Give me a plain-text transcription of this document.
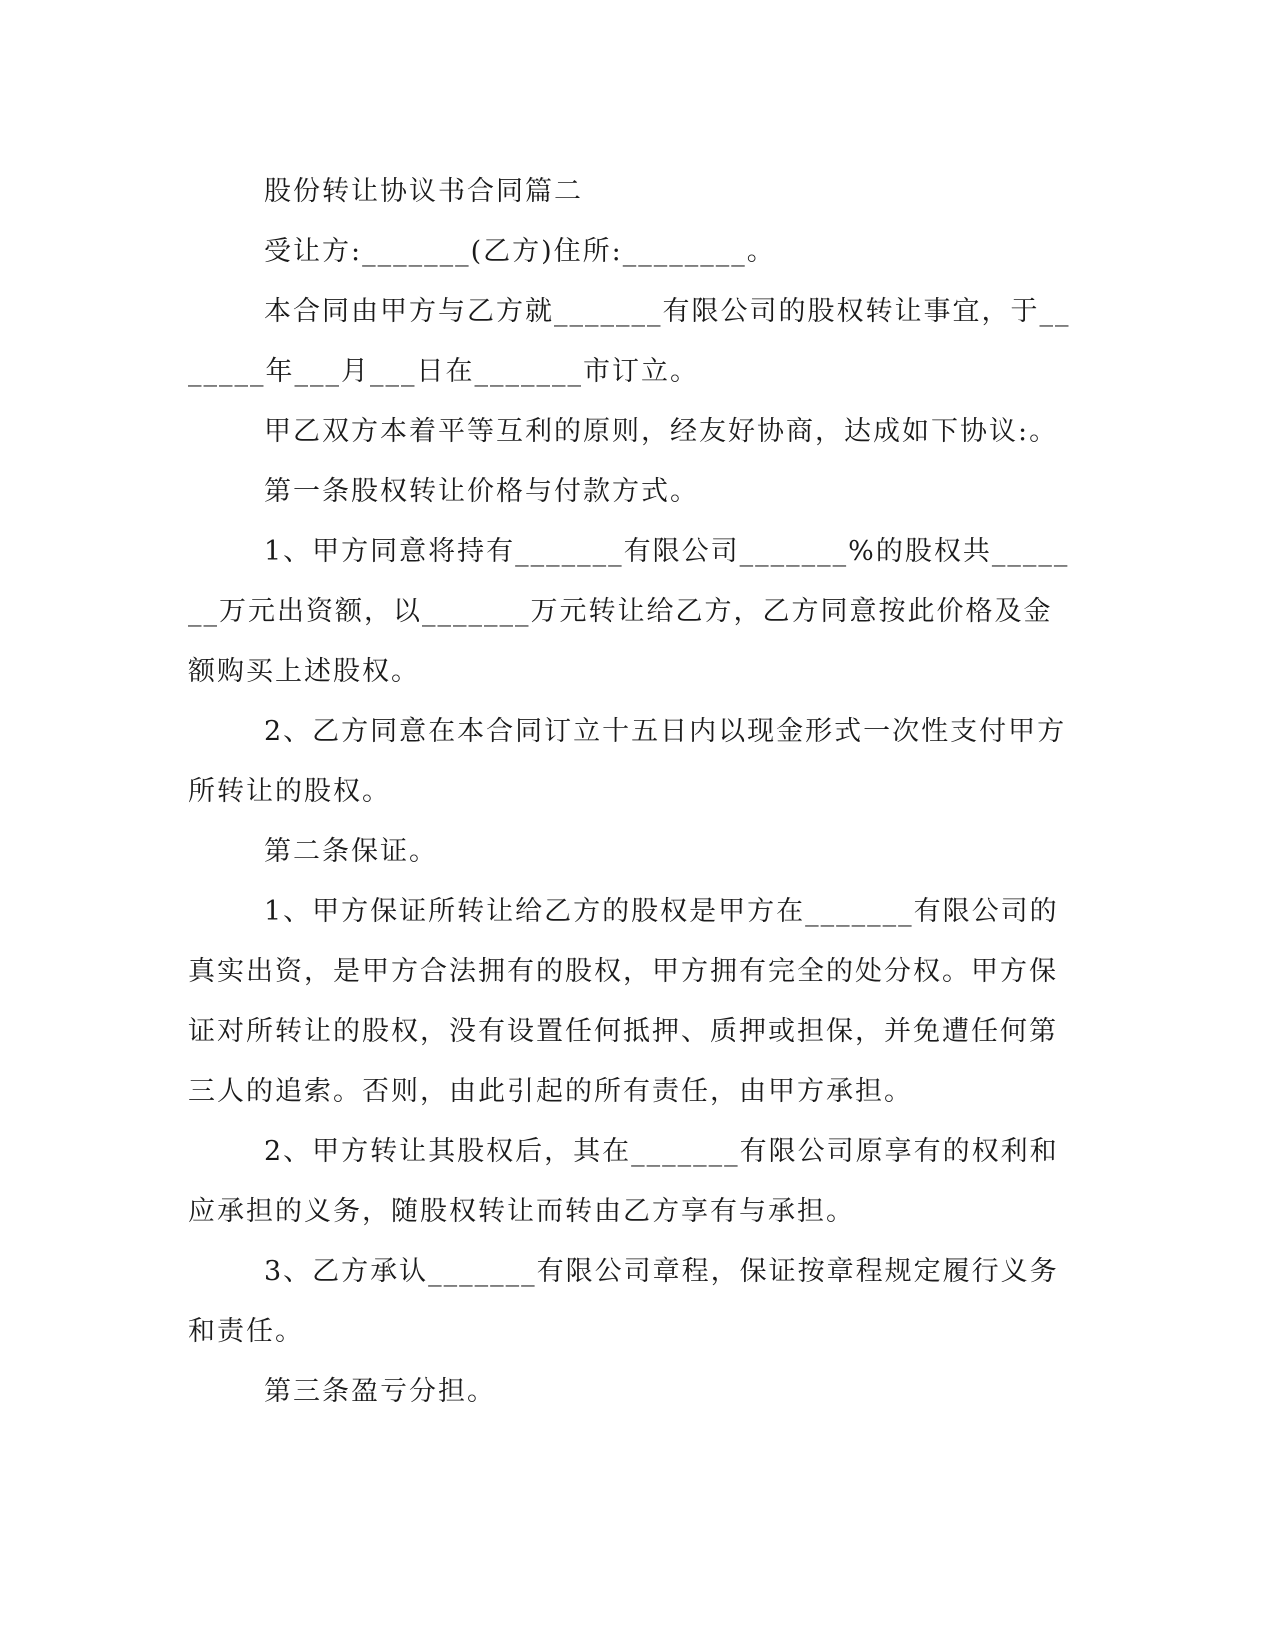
股份转让协议书合同篇二

受让方:_______(乙方)住所:________。

本合同由甲方与乙方就_______有限公司的股权转让事宜，于_______年___月___日在_______市订立。

甲乙双方本着平等互利的原则，经友好协商，达成如下协议:。

第一条股权转让价格与付款方式。

1、甲方同意将持有_______有限公司_______%的股权共_______万元出资额，以_______万元转让给乙方，乙方同意按此价格及金额购买上述股权。

2、乙方同意在本合同订立十五日内以现金形式一次性支付甲方所转让的股权。

第二条保证。

1、甲方保证所转让给乙方的股权是甲方在_______有限公司的真实出资，是甲方合法拥有的股权，甲方拥有完全的处分权。甲方保证对所转让的股权，没有设置任何抵押、质押或担保，并免遭任何第三人的追索。否则，由此引起的所有责任，由甲方承担。

2、甲方转让其股权后，其在_______有限公司原享有的权利和应承担的义务，随股权转让而转由乙方享有与承担。

3、乙方承认_______有限公司章程，保证按章程规定履行义务和责任。

第三条盈亏分担。
